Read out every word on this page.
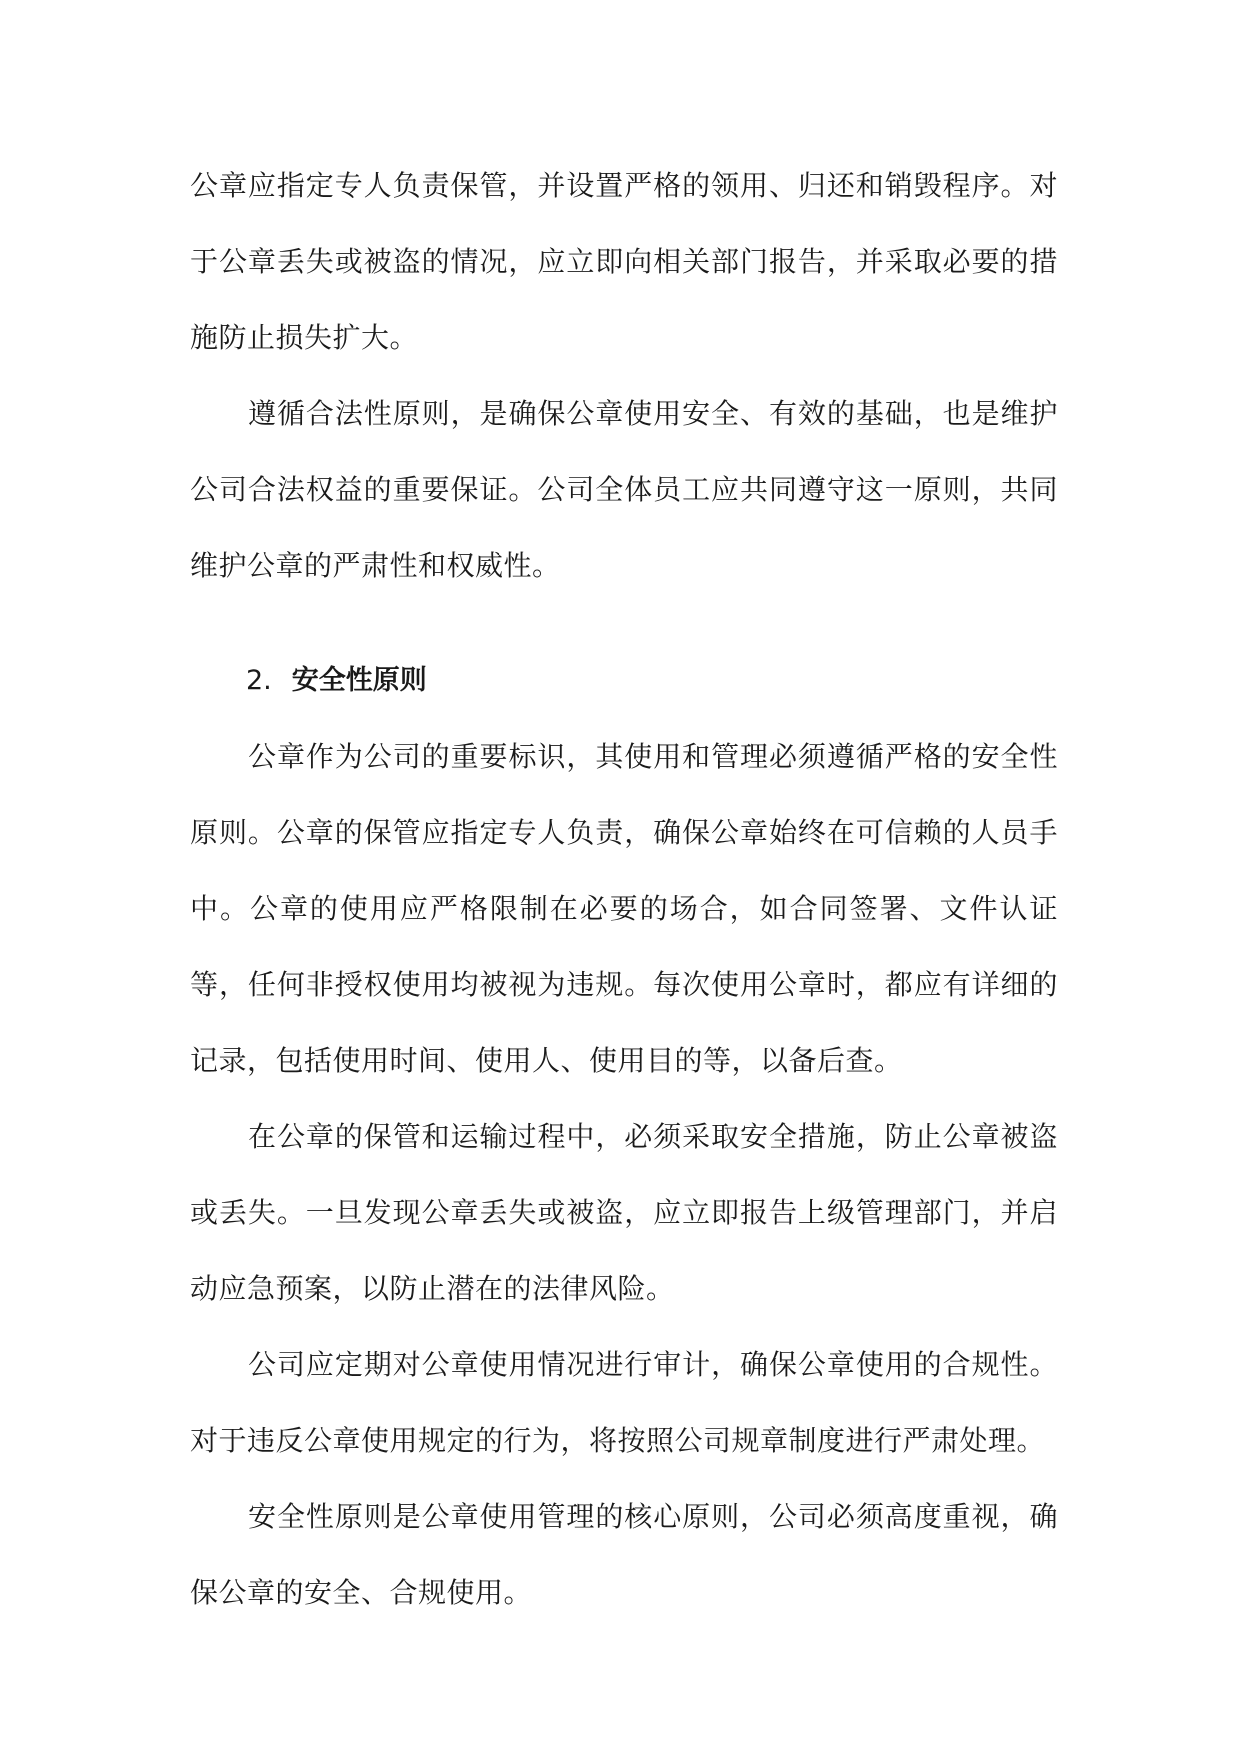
公章应指定专人负责保管，并设置严格的领用、归还和销毁程序。对于公章丢失或被盗的情况，应立即向相关部门报告，并采取必要的措施防止损失扩大。

遵循合法性原则，是确保公章使用安全、有效的基础，也是维护公司合法权益的重要保证。公司全体员工应共同遵守这一原则，共同维护公章的严肃性和权威性。

2. 安全性原则

公章作为公司的重要标识，其使用和管理必须遵循严格的安全性原则。公章的保管应指定专人负责，确保公章始终在可信赖的人员手中。公章的使用应严格限制在必要的场合，如合同签署、文件认证等，任何非授权使用均被视为违规。每次使用公章时，都应有详细的记录，包括使用时间、使用人、使用目的等，以备后查。

在公章的保管和运输过程中，必须采取安全措施，防止公章被盗或丢失。一旦发现公章丢失或被盗，应立即报告上级管理部门，并启动应急预案，以防止潜在的法律风险。

公司应定期对公章使用情况进行审计，确保公章使用的合规性。对于违反公章使用规定的行为，将按照公司规章制度进行严肃处理。

安全性原则是公章使用管理的核心原则，公司必须高度重视，确保公章的安全、合规使用。
